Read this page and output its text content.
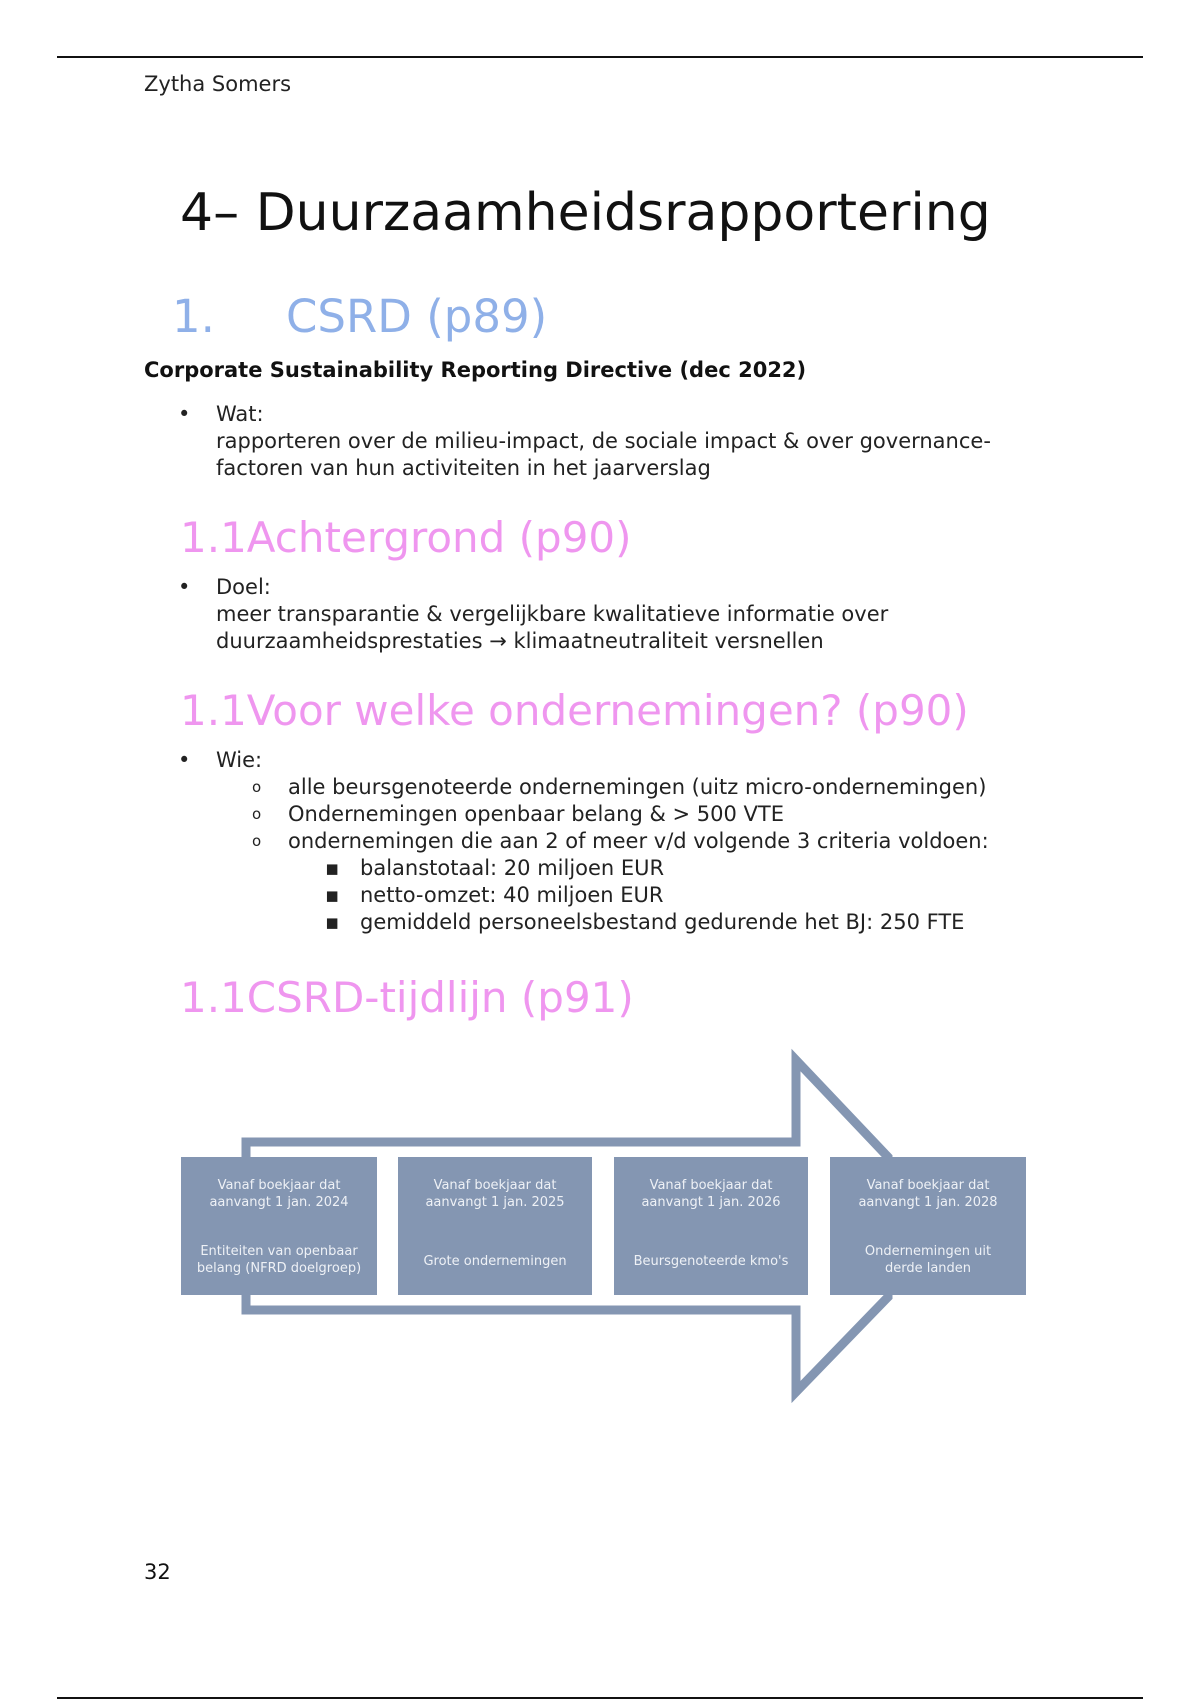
Zytha Somers
4– Duurzaamheidsrapportering
1. CSRD (p89)
Corporate Sustainability Reporting Directive (dec 2022)
• Wat:
rapporteren over de milieu-impact, de sociale impact & over governance-
factoren van hun activiteiten in het jaarverslag
1.1Achtergrond (p90)
• Doel:
meer transparantie & vergelijkbare kwalitatieve informatie over
duurzaamheidsprestaties → klimaatneutraliteit versnellen
1.1Voor welke ondernemingen? (p90)
• Wie:
o alle beursgenoteerde ondernemingen (uitz micro-ondernemingen)
o Ondernemingen openbaar belang & > 500 VTE
o ondernemingen die aan 2 of meer v/d volgende 3 criteria voldoen:
▪ balanstotaal: 20 miljoen EUR
▪ netto-omzet: 40 miljoen EUR
▪ gemiddeld personeelsbestand gedurende het BJ: 250 FTE
1.1CSRD-tijdlijn (p91)
Vanaf boekjaar dat
aanvangt 1 jan. 2024
Entiteiten van openbaar
belang (NFRD doelgroep)
Vanaf boekjaar dat
aanvangt 1 jan. 2025
Grote ondernemingen
Vanaf boekjaar dat
aanvangt 1 jan. 2026
Beursgenoteerde kmo's
Vanaf boekjaar dat
aanvangt 1 jan. 2028
Ondernemingen uit
derde landen
32
